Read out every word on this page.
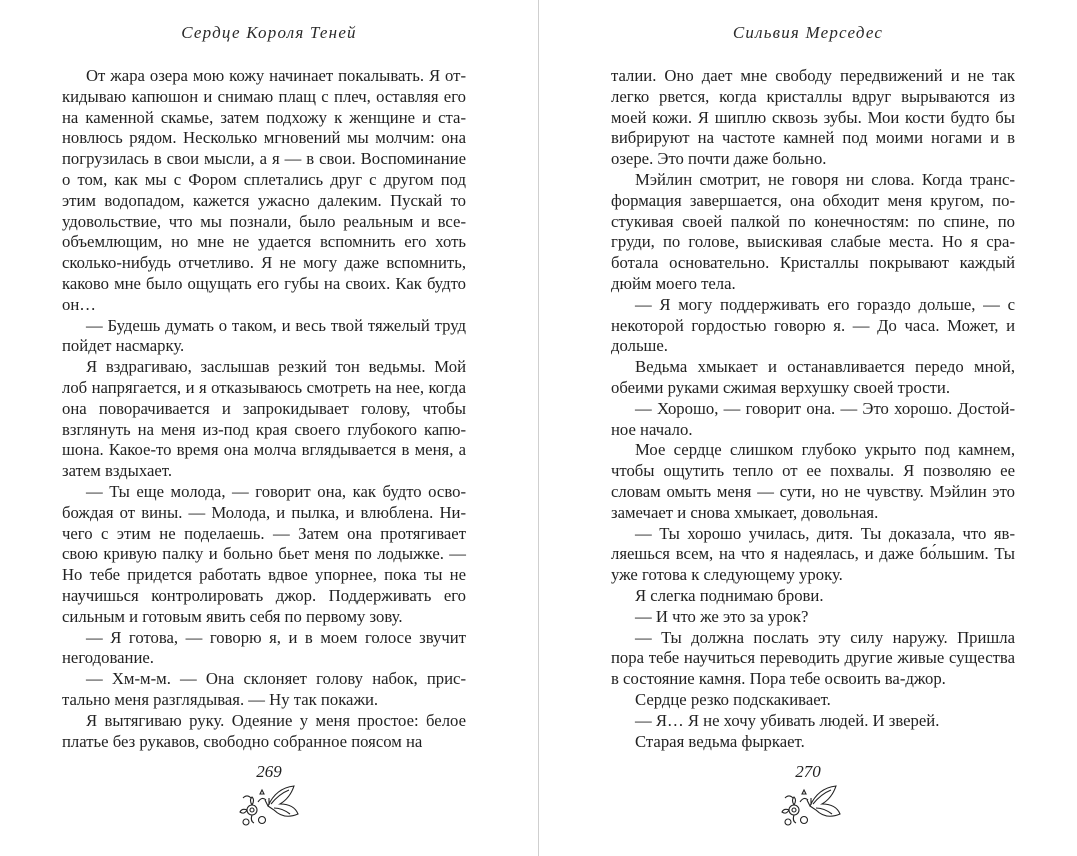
Сердце Короля Теней

От жара озера мою кожу начинает покалывать. Я откидываю капюшон и снимаю плащ с плеч, оставляя его на каменной скамье, затем подхожу к женщине и становлюсь рядом. Несколько мгновений мы молчим: она погрузилась в свои мысли, а я — в свои. Воспоминание о том, как мы с Фором сплетались друг с другом под этим водопадом, кажется ужасно далеким. Пускай то удовольствие, что мы познали, было реальным и всеобъемлющим, но мне не удается вспомнить его хоть сколько-нибудь отчетливо. Я не могу даже вспомнить, каково мне было ощущать его губы на своих. Как будто он…

— Будешь думать о таком, и весь твой тяжелый труд пойдет насмарку.

Я вздрагиваю, заслышав резкий тон ведьмы. Мой лоб напрягается, и я отказываюсь смотреть на нее, когда она поворачивается и запрокидывает голову, чтобы взглянуть на меня из-под края своего глубокого капюшона. Какое-то время она молча вглядывается в меня, а затем вздыхает.

— Ты еще молода, — говорит она, как будто освобождая от вины. — Молода, и пылка, и влюблена. Ничего с этим не поделаешь. — Затем она протягивает свою кривую палку и больно бьет меня по лодыжке. — Но тебе придется работать вдвое упорнее, пока ты не научишься контролировать джор. Поддерживать его сильным и готовым явить себя по первому зову.

— Я готова, — говорю я, и в моем голосе звучит негодование.

— Хм-м-м. — Она склоняет голову набок, пристально меня разглядывая. — Ну так покажи.

Я вытягиваю руку. Одеяние у меня простое: белое платье без рукавов, свободно собранное поясом на

269
Сильвия Мерседес

талии. Оно дает мне свободу передвижений и не так легко рвется, когда кристаллы вдруг вырываются из моей кожи. Я шиплю сквозь зубы. Мои кости будто бы вибрируют на частоте камней под моими ногами и в озере. Это почти даже больно.

Мэйлин смотрит, не говоря ни слова. Когда трансформация завершается, она обходит меня кругом, постукивая своей палкой по конечностям: по спине, по груди, по голове, выискивая слабые места. Но я сработала основательно. Кристаллы покрывают каждый дюйм моего тела.

— Я могу поддерживать его гораздо дольше, — с некоторой гордостью говорю я. — До часа. Может, и дольше.

Ведьма хмыкает и останавливается передо мной, обеими руками сжимая верхушку своей трости.

— Хорошо, — говорит она. — Это хорошо. Достойное начало.

Мое сердце слишком глубоко укрыто под камнем, чтобы ощутить тепло от ее похвалы. Я позволяю ее словам омыть меня — сути, но не чувству. Мэйлин это замечает и снова хмыкает, довольная.

— Ты хорошо училась, дитя. Ты доказала, что являешься всем, на что я надеялась, и даже бо́льшим. Ты уже готова к следующему уроку.

Я слегка поднимаю брови.

— И что же это за урок?

— Ты должна послать эту силу наружу. Пришла пора тебе научиться переводить другие живые существа в состояние камня. Пора тебе освоить ва-джор.

Сердце резко подскакивает.

— Я… Я не хочу убивать людей. И зверей.

Старая ведьма фыркает.

270
